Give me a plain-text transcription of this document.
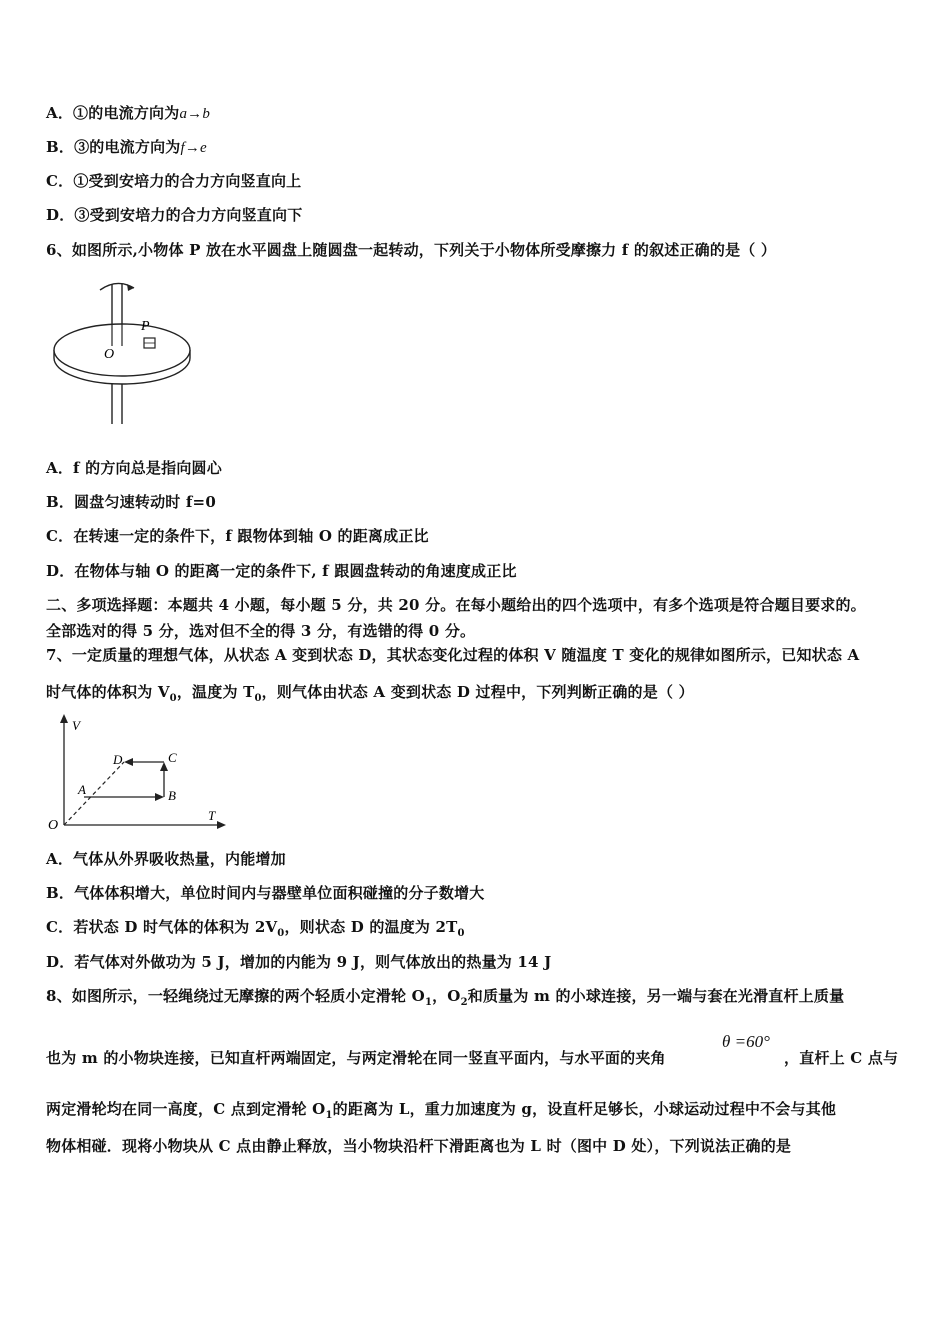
A．①的电流方向为a→b
B．③的电流方向为f→e
C．①受到安培力的合力方向竖直向上
D．③受到安培力的合力方向竖直向下
6、如图所示,小物体 P 放在水平圆盘上随圆盘一起转动，下列关于小物体所受摩擦力 f 的叙述正确的是（ ）
P
O
A．f 的方向总是指向圆心
B．圆盘匀速转动时 f=0
C．在转速一定的条件下，f 跟物体到轴 O 的距离成正比
D．在物体与轴 O 的距离一定的条件下, f 跟圆盘转动的角速度成正比
二、多项选择题：本题共 4 小题，每小题 5 分，共 20 分。在每小题给出的四个选项中，有多个选项是符合题目要求的。
全部选对的得 5 分，选对但不全的得 3 分，有选错的得 0 分。
7、一定质量的理想气体，从状态 A 变到状态 D，其状态变化过程的体积 V 随温度 T 变化的规律如图所示，已知状态 A
时气体的体积为 $V_0$，温度为 $T_0$，则气体由状态 A 变到状态 D 过程中，下列判断正确的是（ ）
V
T
O
A	B
C
D
A．气体从外界吸收热量，内能增加
B．气体体积增大，单位时间内与器壁单位面积碰撞的分子数增大
C．若状态 D 时气体的体积为 $2V_0$，则状态 D 的温度为 $2T_0$
D．若气体对外做功为 5 J，增加的内能为 9 J，则气体放出的热量为 14 J
8、如图所示，一轻绳绕过无摩擦的两个轻质小定滑轮 $O_1$，$O_2$和质量为 m 的小球连接，另一端与套在光滑直杆上质量
也为 m 的小物块连接，已知直杆两端固定，与两定滑轮在同一竖直平面内，与水平面的夹角
θ =60°
，直杆上 C 点与
两定滑轮均在同一高度，C 点到定滑轮 $O_1$的距离为 L，重力加速度为 g，设直杆足够长，小球运动过程中不会与其他
物体相碰．现将小物块从 C 点由静止释放，当小物块沿杆下滑距离也为 L 时（图中 D 处），下列说法正确的是
